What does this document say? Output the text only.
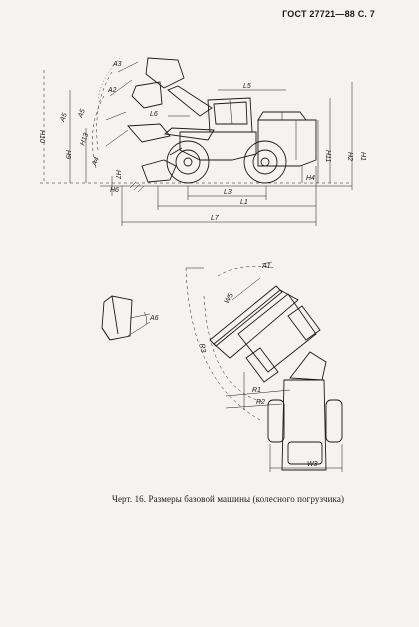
ГОСТ 27721—88 С. 7
А3
А2
L6
L5
L3
L1
L7
H4
H6
H10
H9
А5
А5
H13
А4
H7
H11 H2 H1
A6
A1
W5
R3
R1
R2
W3
Черт. 16. Размеры базовой машины (колесного погрузчика)
